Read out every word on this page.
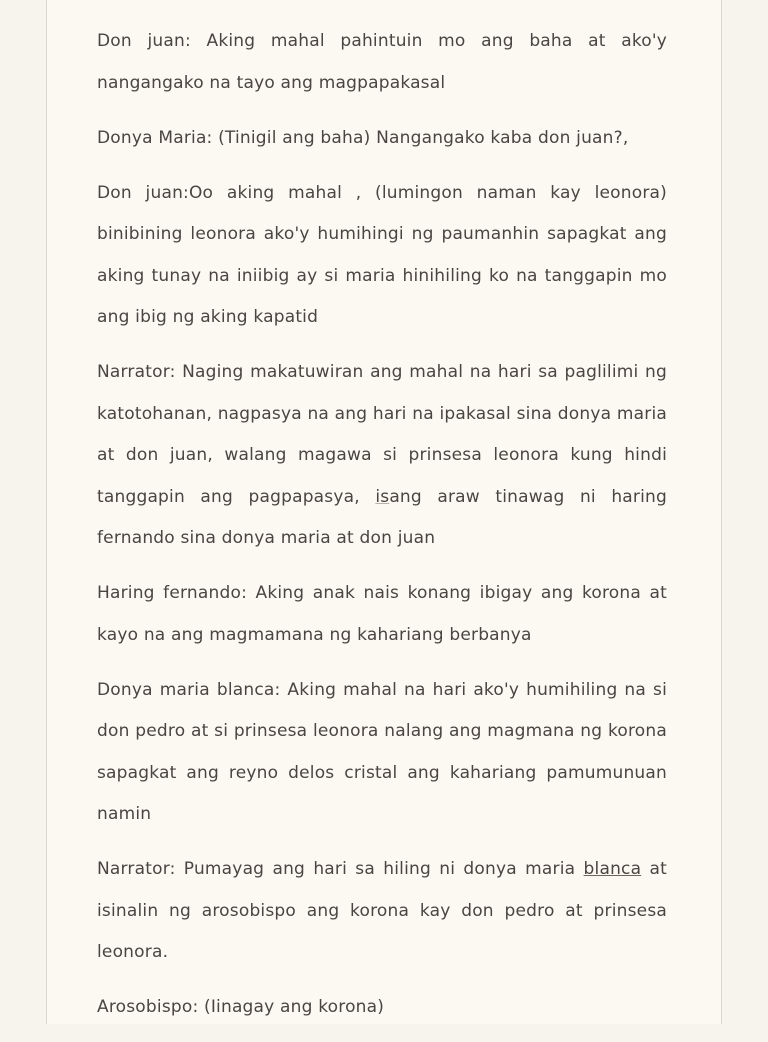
Don juan: Aking mahal pahintuin mo ang baha at ako'y nangangako na tayo ang magpapakasal

Donya Maria: (Tinigil ang baha) Nangangako kaba don juan?,

Don juan:Oo aking mahal , (lumingon naman kay leonora) binibining leonora ako'y humihingi ng paumanhin sapagkat ang aking tunay na iniibig ay si maria hinihiling ko na tanggapin mo ang ibig ng aking kapatid

Narrator: Naging makatuwiran ang mahal na hari sa paglilimi ng katotohanan, nagpasya na ang hari na ipakasal sina donya maria at don juan, walang magawa si prinsesa leonora kung hindi tanggapin ang pagpapasya, isang araw tinawag ni haring fernando sina donya maria at don juan

Haring fernando: Aking anak nais konang ibigay ang korona at kayo na ang magmamana ng kahariang berbanya

Donya maria blanca: Aking mahal na hari ako'y humihiling na si don pedro at si prinsesa leonora nalang ang magmana ng korona sapagkat ang reyno delos cristal ang kahariang pamumunuan namin

Narrator: Pumayag ang hari sa hiling ni donya maria blanca at isinalin ng arosobispo ang korona kay don pedro at prinsesa leonora.

Arosobispo: (Iinagay ang korona)
